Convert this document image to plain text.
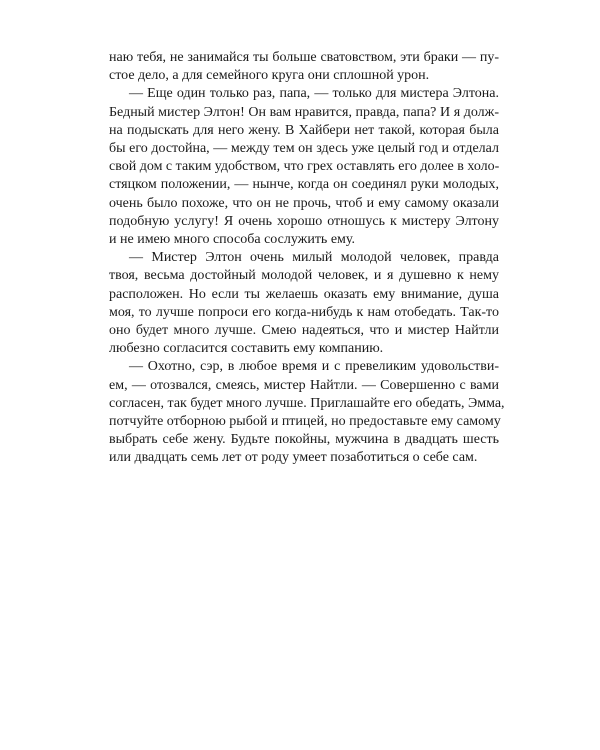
наю тебя, не занимайся ты больше сватовством, эти браки — пу-
стое дело, а для семейного круга они сплошной урон.
— Еще один только раз, папа, — только для мистера Элтона.
Бедный мистер Элтон! Он вам нравится, правда, папа? И я долж-
на подыскать для него жену. В Хайбери нет такой, которая была
бы его достойна, — между тем он здесь уже целый год и отделал
свой дом с таким удобством, что грех оставлять его долее в холо-
стяцком положении, — нынче, когда он соединял руки молодых,
очень было похоже, что он не прочь, чтоб и ему самому оказали
подобную услугу! Я очень хорошо отношусь к мистеру Элтону
и не имею много способа сослужить ему.
— Мистер Элтон очень милый молодой человек, правда
твоя, весьма достойный молодой человек, и я душевно к нему
расположен. Но если ты желаешь оказать ему внимание, душа
моя, то лучше попроси его когда-нибудь к нам отобедать. Так-то
оно будет много лучше. Смею надеяться, что и мистер Найтли
любезно согласится составить ему компанию.
— Охотно, сэр, в любое время и с превеликим удовольстви-
ем, — отозвался, смеясь, мистер Найтли. — Совершенно с вами
согласен, так будет много лучше. Приглашайте его обедать, Эмма,
потчуйте отборною рыбой и птицей, но предоставьте ему самому
выбрать себе жену. Будьте покойны, мужчина в двадцать шесть
или двадцать семь лет от роду умеет позаботиться о себе сам.
